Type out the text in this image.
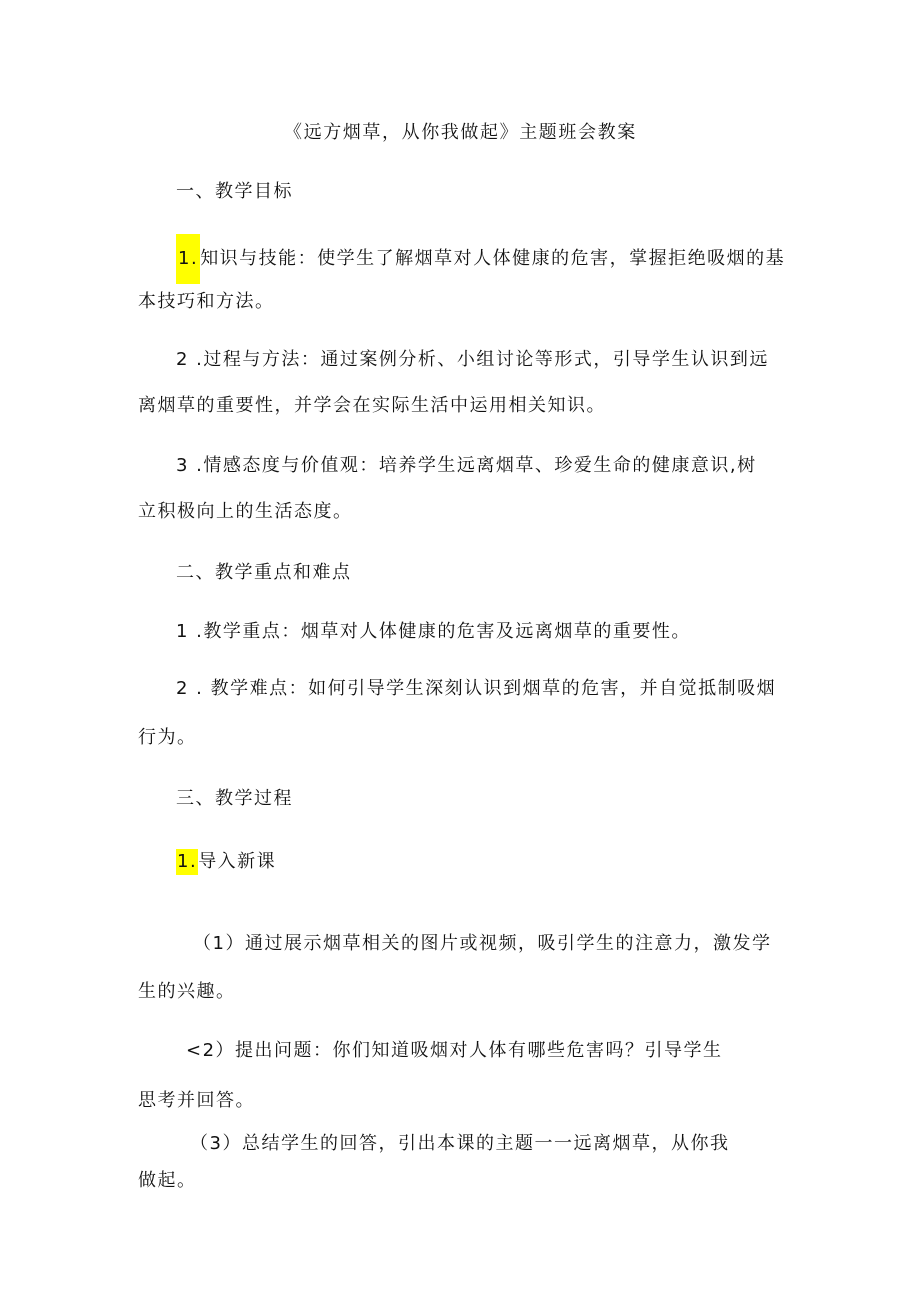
《远方烟草，从你我做起》主题班会教案
一、教学目标
1. 知识与技能：使学生了解烟草对人体健康的危害，掌握拒绝吸烟的基
本技巧和方法。
2 .过程与方法：通过案例分析、小组讨论等形式，引导学生认识到远
离烟草的重要性，并学会在实际生活中运用相关知识。
3 .情感态度与价值观：培养学生远离烟草、珍爱生命的健康意识,树
立积极向上的生活态度。
二、教学重点和难点
1 .教学重点：烟草对人体健康的危害及远离烟草的重要性。
2 . 教学难点：如何引导学生深刻认识到烟草的危害，并自觉抵制吸烟
行为。
三、教学过程
1.导入新课
（1）通过展示烟草相关的图片或视频，吸引学生的注意力，激发学
生的兴趣。
<2）提出问题：你们知道吸烟对人体有哪些危害吗？引导学生
思考并回答。
（3）总结学生的回答，引出本课的主题一一远离烟草，从你我
做起。
